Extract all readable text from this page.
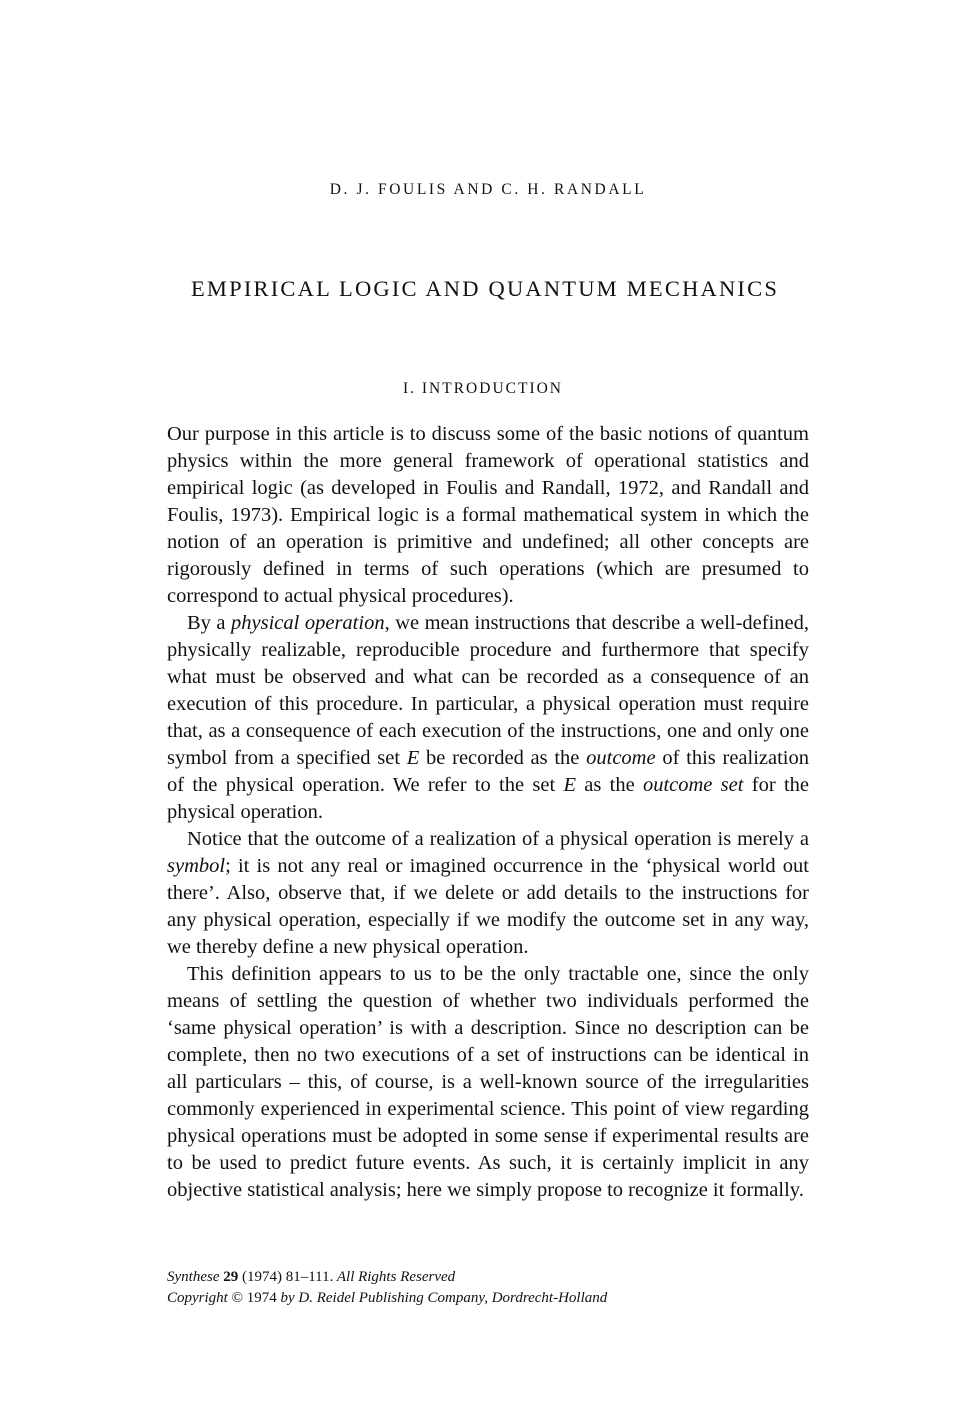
D. J. FOULIS AND C. H. RANDALL
EMPIRICAL LOGIC AND QUANTUM MECHANICS
I. INTRODUCTION

Our purpose in this article is to discuss some of the basic notions of quantum physics within the more general framework of operational statistics and empirical logic (as developed in Foulis and Randall, 1972, and Randall and Foulis, 1973). Empirical logic is a formal mathematical system in which the notion of an operation is primitive and undefined; all other concepts are rigorously defined in terms of such operations (which are presumed to correspond to actual physical procedures).

By a physical operation, we mean instructions that describe a well-defined, physically realizable, reproducible procedure and furthermore that specify what must be observed and what can be recorded as a consequence of an execution of this procedure. In particular, a physical operation must require that, as a consequence of each execution of the instructions, one and only one symbol from a specified set E be recorded as the outcome of this realization of the physical operation. We refer to the set E as the outcome set for the physical operation.

Notice that the outcome of a realization of a physical operation is merely a symbol; it is not any real or imagined occurrence in the ‘physical world out there’. Also, observe that, if we delete or add details to the instructions for any physical operation, especially if we modify the outcome set in any way, we thereby define a new physical operation.

This definition appears to us to be the only tractable one, since the only means of settling the question of whether two individuals performed the ‘same physical operation’ is with a description. Since no description can be complete, then no two executions of a set of instructions can be identical in all particulars – this, of course, is a well-known source of the irregularities commonly experienced in experimental science. This point of view regarding physical operations must be adopted in some sense if experimental results are to be used to predict future events. As such, it is certainly implicit in any objective statistical analysis; here we simply propose to recognize it formally.

Synthese 29 (1974) 81–111. All Rights Reserved
Copyright © 1974 by D. Reidel Publishing Company, Dordrecht-Holland
